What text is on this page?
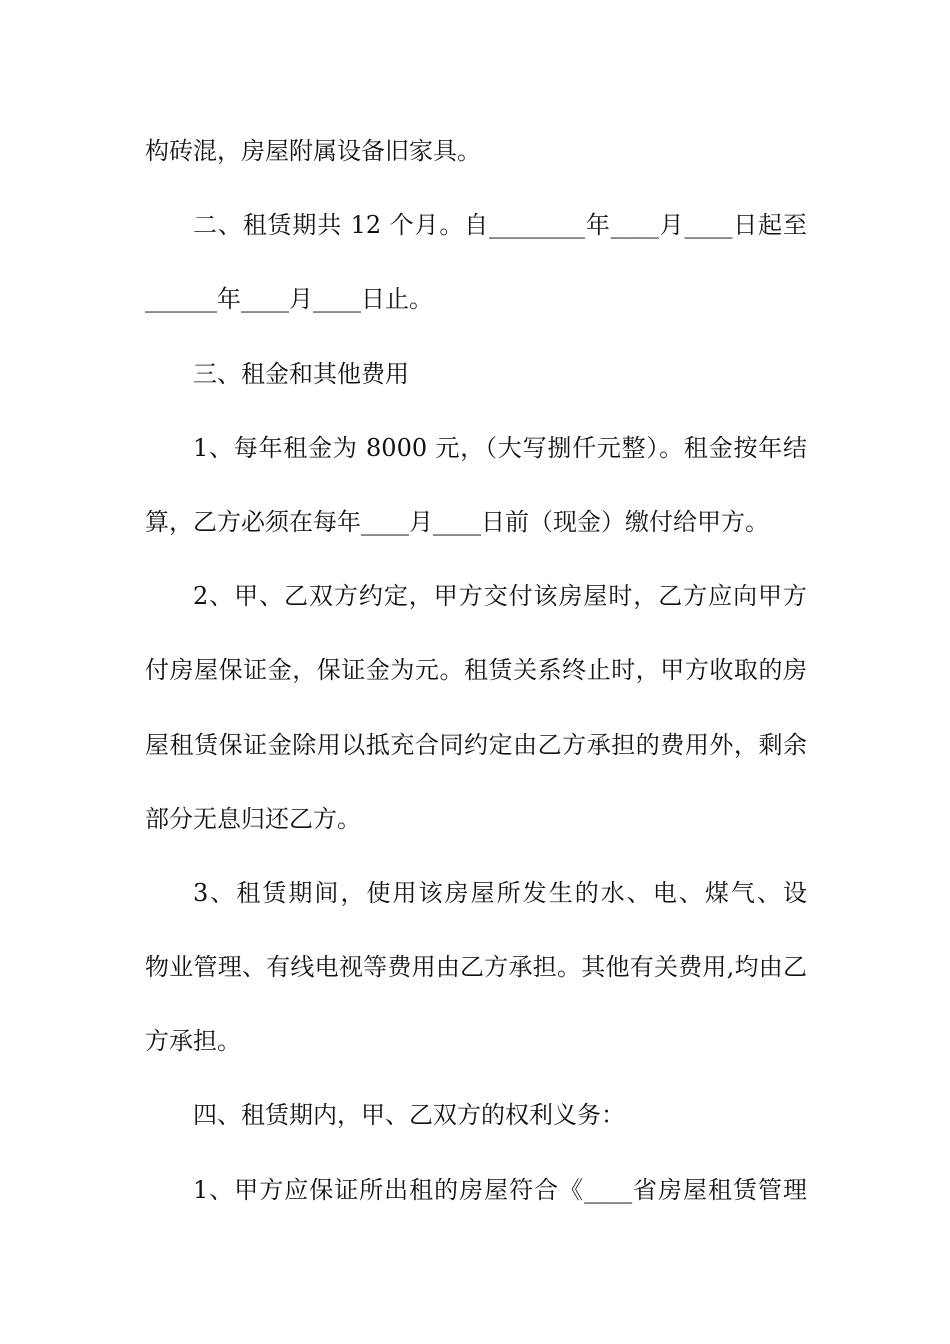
构砖混，房屋附属设备旧家具。
二、租赁期共 12 个月。自________年____月____日起至
______年____月____日止。
三、租金和其他费用
1、每年租金为 8000 元，（大写捌仟元整）。租金按年结
算，乙方必须在每年____月____日前（现金）缴付给甲方。
2、甲、乙双方约定，甲方交付该房屋时，乙方应向甲方
付房屋保证金，保证金为元。租赁关系终止时，甲方收取的房
屋租赁保证金除用以抵充合同约定由乙方承担的费用外，剩余
部分无息归还乙方。
3、租赁期间，使用该房屋所发生的水、电、煤气、设
物业管理、有线电视等费用由乙方承担。其他有关费用,均由乙
方承担。
四、租赁期内，甲、乙双方的权利义务：
1、甲方应保证所出租的房屋符合《____省房屋租赁管理
